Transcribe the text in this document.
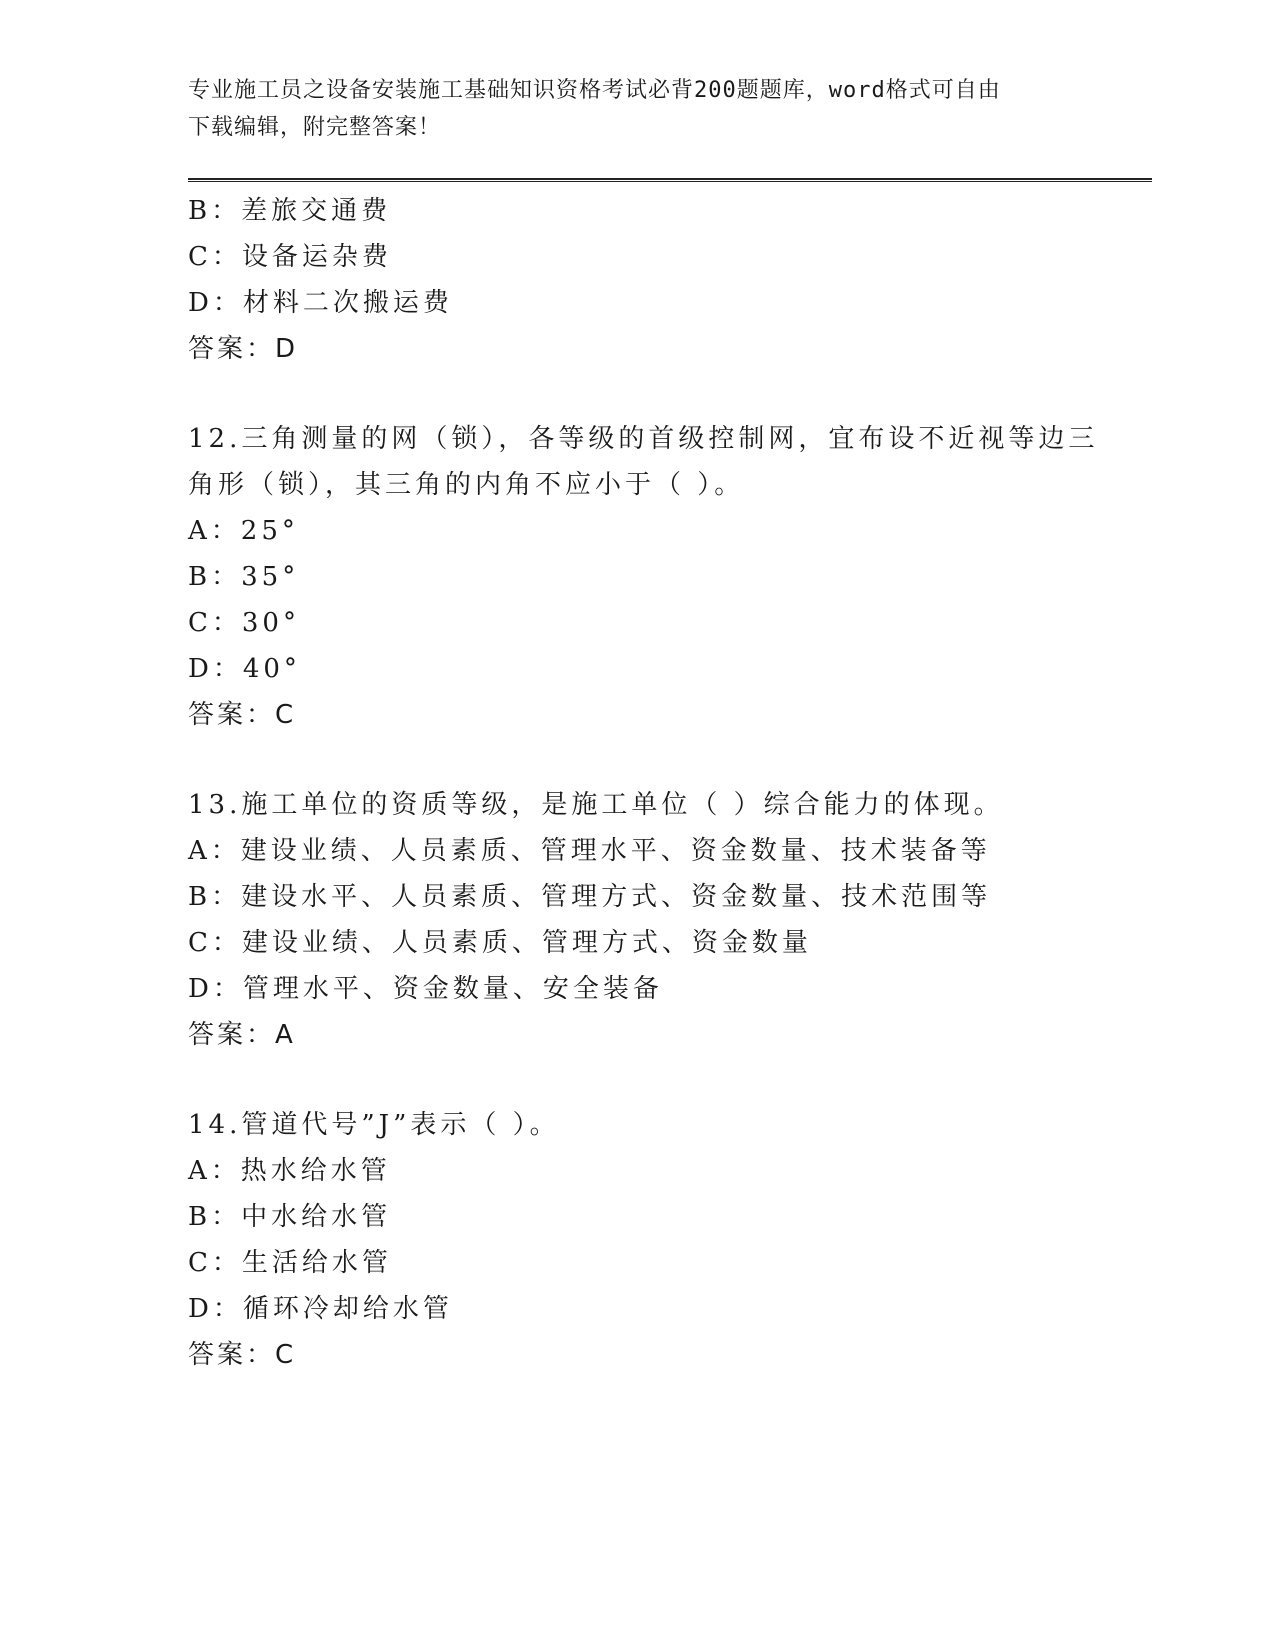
专业施工员之设备安装施工基础知识资格考试必背200题题库，word格式可自由
下载编辑，附完整答案！
B：差旅交通费
C：设备运杂费
D：材料二次搬运费
答案：D
12.三角测量的网（锁），各等级的首级控制网，宜布设不近视等边三
角形（锁），其三角的内角不应小于（ ）。
A：25°
B：35°
C：30°
D：40°
答案：C
13.施工单位的资质等级，是施工单位（ ）综合能力的体现。
A：建设业绩、人员素质、管理水平、资金数量、技术装备等
B：建设水平、人员素质、管理方式、资金数量、技术范围等
C：建设业绩、人员素质、管理方式、资金数量
D：管理水平、资金数量、安全装备
答案：A
14.管道代号”J”表示（ ）。
A：热水给水管
B：中水给水管
C：生活给水管
D：循环冷却给水管
答案：C
